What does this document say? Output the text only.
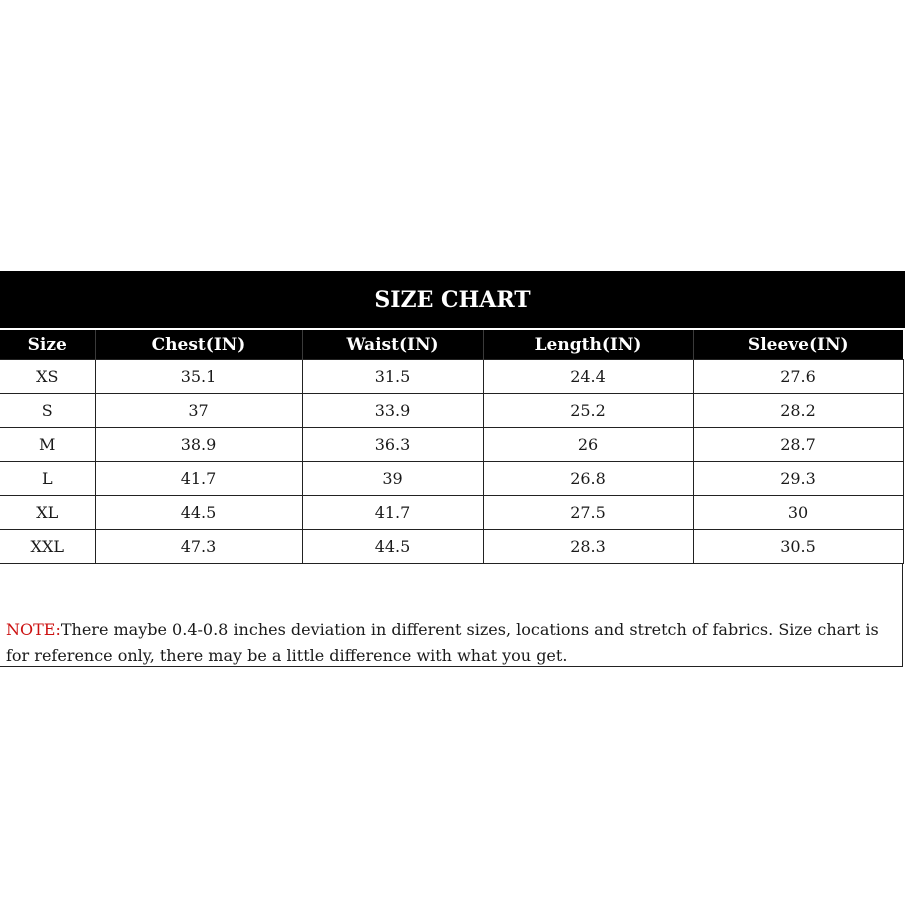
SIZE CHART
Size	Chest(IN)	Waist(IN)	Length(IN)	Sleeve(IN)
XS	35.1	31.5	24.4	27.6
S	37	33.9	25.2	28.2
M	38.9	36.3	26	28.7
L	41.7	39	26.8	29.3
XL	44.5	41.7	27.5	30
XXL	47.3	44.5	28.3	30.5
NOTE:There maybe 0.4-0.8 inches deviation in different sizes, locations and stretch of fabrics. Size chart is for reference only, there may be a little difference with what you get.
